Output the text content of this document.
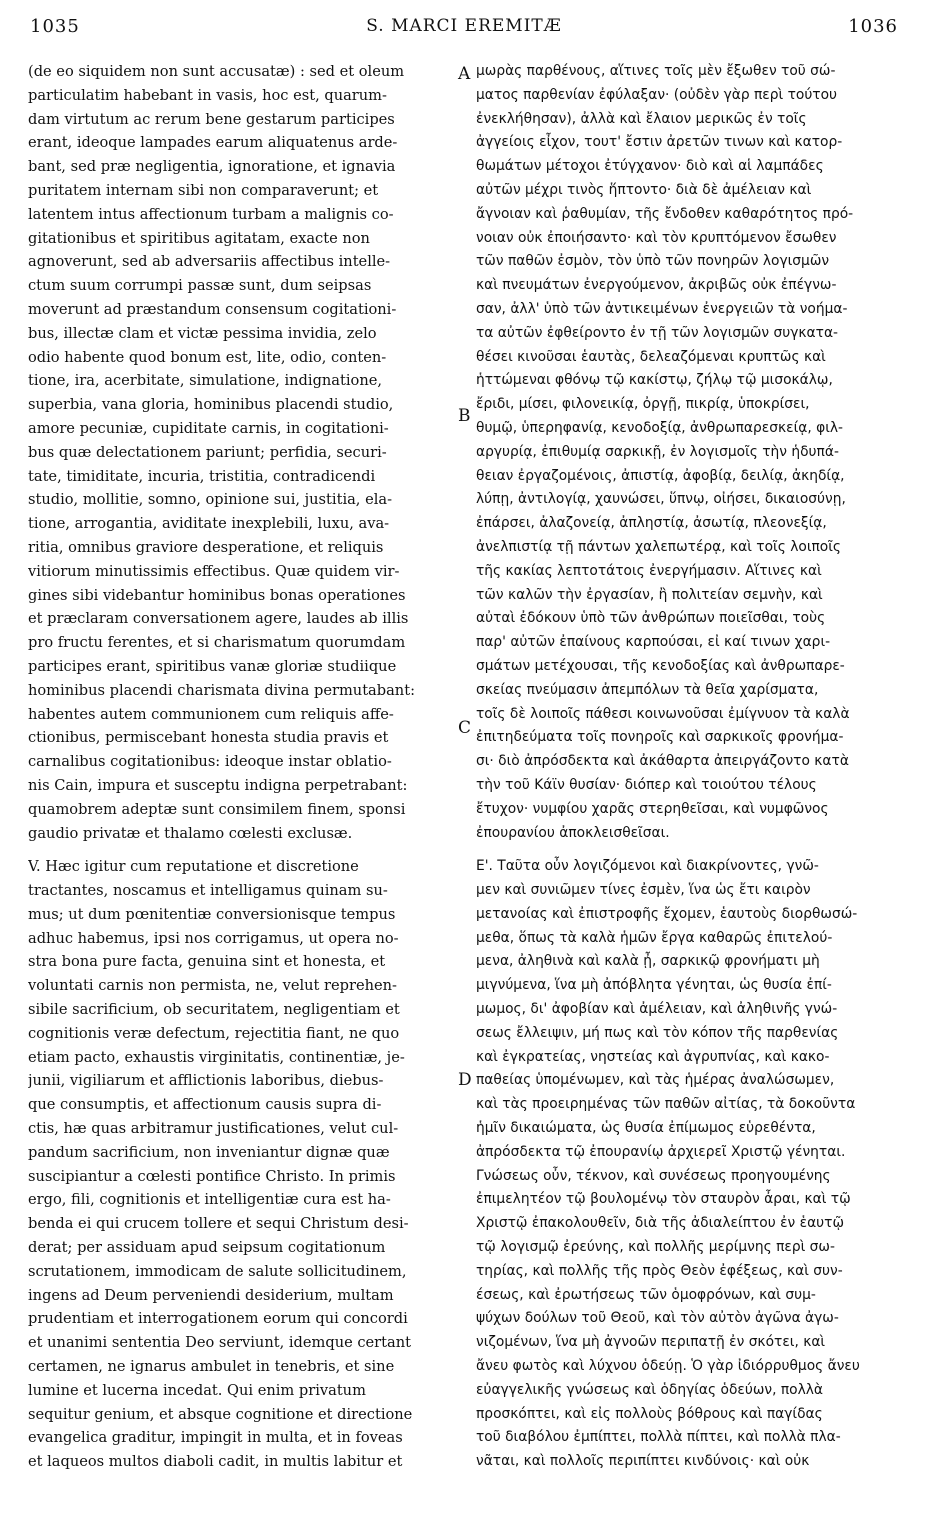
1035	S. MARCI EREMITÆ	1036
(de eo siquidem non sunt accusatæ) : sed et oleum
particulatim habebant in vasis, hoc est, quarum-
dam virtutum ac rerum bene gestarum participes
erant, ideoque lampades earum aliquatenus arde-
bant, sed præ negligentia, ignoratione, et ignavia
puritatem internam sibi non comparaverunt; et
latentem intus affectionum turbam a malignis co-
gitationibus et spiritibus agitatam, exacte non
agnoverunt, sed ab adversariis affectibus intelle-
ctum suum corrumpi passæ sunt, dum seipsas
moverunt ad præstandum consensum cogitationi-
bus, illectæ clam et victæ pessima invidia, zelo
odio habente quod bonum est, lite, odio, conten-
tione, ira, acerbitate, simulatione, indignatione,
superbia, vana gloria, hominibus placendi studio,
amore pecuniæ, cupiditate carnis, in cogitationi-
bus quæ delectationem pariunt; perfidia, securi-
tate, timiditate, incuria, tristitia, contradicendi
studio, mollitie, somno, opinione sui, justitia, ela-
tione, arrogantia, aviditate inexplebili, luxu, ava-
ritia, omnibus graviore desperatione, et reliquis
vitiorum minutissimis effectibus. Quæ quidem vir-
gines sibi videbantur hominibus bonas operationes
et præclaram conversationem agere, laudes ab illis
pro fructu ferentes, et si charismatum quorumdam
participes erant, spiritibus vanæ gloriæ studiique
hominibus placendi charismata divina permutabant:
habentes autem communionem cum reliquis affe-
ctionibus, permiscebant honesta studia pravis et
carnalibus cogitationibus: ideoque instar oblatio-
nis Cain, impura et susceptu indigna perpetrabant:
quamobrem adeptæ sunt consimilem finem, sponsi
gaudio privatæ et thalamo cœlesti exclusæ.
V. Hæc igitur cum reputatione et discretione
tractantes, noscamus et intelligamus quinam su-
mus; ut dum pœnitentiæ conversionisque tempus
adhuc habemus, ipsi nos corrigamus, ut opera no-
stra bona pure facta, genuina sint et honesta, et
voluntati carnis non permista, ne, velut reprehen-
sibile sacrificium, ob securitatem, negligentiam et
cognitionis veræ defectum, rejectitia fiant, ne quo
etiam pacto, exhaustis virginitatis, continentiæ, je-
junii, vigiliarum et afflictionis laboribus, diebus-
que consumptis, et affectionum causis supra di-
ctis, hæ quas arbitramur justificationes, velut cul-
pandum sacrificium, non inveniantur dignæ quæ
suscipiantur a cœlesti pontifice Christo. In primis
ergo, fili, cognitionis et intelligentiæ cura est ha-
benda ei qui crucem tollere et sequi Christum desi-
derat; per assiduam apud seipsum cogitationum
scrutationem, immodicam de salute sollicitudinem,
ingens ad Deum perveniendi desiderium, multam
prudentiam et interrogationem eorum qui concordi
et unanimi sententia Deo serviunt, idemque certant
certamen, ne ignarus ambulet in tenebris, et sine
lumine et lucerna incedat. Qui enim privatum
sequitur genium, et absque cognitione et directione
evangelica graditur, impingit in multa, et in foveas
et laqueos multos diaboli cadit, in multis labitur et
μωρὰς παρθένους, αἵτινες τοῖς μὲν ἔξωθεν τοῦ σώ-
ματος παρθενίαν ἐφύλαξαν· (οὐδὲν γὰρ περὶ τούτου
ἐνεκλήθησαν), ἀλλὰ καὶ ἔλαιον μερικῶς ἐν τοῖς
ἀγγείοις εἶχον, τουτ' ἔστιν ἀρετῶν τινων καὶ κατορ-
θωμάτων μέτοχοι ἐτύγχανον· διὸ καὶ αἱ λαμπάδες
αὐτῶν μέχρι τινὸς ἥπτοντο· διὰ δὲ ἀμέλειαν καὶ
ἄγνοιαν καὶ ῥαθυμίαν, τῆς ἔνδοθεν καθαρότητος πρό-
νοιαν οὐκ ἐποιήσαντο· καὶ τὸν κρυπτόμενον ἔσωθεν
τῶν παθῶν ἐσμὸν, τὸν ὑπὸ τῶν πονηρῶν λογισμῶν
καὶ πνευμάτων ἐνεργούμενον, ἀκριβῶς οὐκ ἐπέγνω-
σαν, ἀλλ' ὑπὸ τῶν ἀντικειμένων ἐνεργειῶν τὰ νοήμα-
τα αὐτῶν ἐφθείροντο ἐν τῇ τῶν λογισμῶν συγκατα-
θέσει κινοῦσαι ἑαυτὰς, δελεαζόμεναι κρυπτῶς καὶ
ἡττώμεναι φθόνῳ τῷ κακίστῳ, ζήλῳ τῷ μισοκάλῳ,
ἔριδι, μίσει, φιλονεικίᾳ, ὀργῇ, πικρίᾳ, ὑποκρίσει,
θυμῷ, ὑπερηφανίᾳ, κενοδοξίᾳ, ἀνθρωπαρεσκείᾳ, φιλ-
αργυρίᾳ, ἐπιθυμίᾳ σαρκικῇ, ἐν λογισμοῖς τὴν ἡδυπά-
θειαν ἐργαζομένοις, ἀπιστίᾳ, ἀφοβίᾳ, δειλίᾳ, ἀκηδίᾳ,
λύπῃ, ἀντιλογίᾳ, χαυνώσει, ὕπνῳ, οἰήσει, δικαιοσύνῃ,
ἐπάρσει, ἀλαζονείᾳ, ἀπληστίᾳ, ἀσωτίᾳ, πλεονεξίᾳ,
ἀνελπιστίᾳ τῇ πάντων χαλεπωτέρᾳ, καὶ τοῖς λοιποῖς
τῆς κακίας λεπτοτάτοις ἐνεργήμασιν. Αἵτινες καὶ
τῶν καλῶν τὴν ἐργασίαν, ἢ πολιτείαν σεμνὴν, καὶ
αὐταὶ ἐδόκουν ὑπὸ τῶν ἀνθρώπων ποιεῖσθαι, τοὺς
παρ' αὐτῶν ἐπαίνους καρπούσαι, εἰ καί τινων χαρι-
σμάτων μετέχουσαι, τῆς κενοδοξίας καὶ ἀνθρωπαρε-
σκείας πνεύμασιν ἀπεμπόλων τὰ θεῖα χαρίσματα,
τοῖς δὲ λοιποῖς πάθεσι κοινωνοῦσαι ἐμίγνυον τὰ καλὰ
ἐπιτηδεύματα τοῖς πονηροῖς καὶ σαρκικοῖς φρονήμα-
σι· διὸ ἀπρόσδεκτα καὶ ἀκάθαρτα ἀπειργάζοντο κατὰ
τὴν τοῦ Κάϊν θυσίαν· διόπερ καὶ τοιούτου τέλους
ἔτυχον· νυμφίου χαρᾶς στερηθεῖσαι, καὶ νυμφῶνος
ἐπουρανίου ἀποκλεισθεῖσαι.
Ε'. Ταῦτα οὖν λογιζόμενοι καὶ διακρίνοντες, γνῶ-
μεν καὶ συνιῶμεν τίνες ἐσμὲν, ἵνα ὡς ἔτι καιρὸν
μετανοίας καὶ ἐπιστροφῆς ἔχομεν, ἑαυτοὺς διορθωσώ-
μεθα, ὅπως τὰ καλὰ ἡμῶν ἔργα καθαρῶς ἐπιτελού-
μενα, ἀληθινὰ καὶ καλὰ ᾖ, σαρκικῷ φρονήματι μὴ
μιγνύμενα, ἵνα μὴ ἀπόβλητα γένηται, ὡς θυσία ἐπί-
μωμος, δι' ἀφοβίαν καὶ ἀμέλειαν, καὶ ἀληθινῆς γνώ-
σεως ἔλλειψιν, μή πως καὶ τὸν κόπον τῆς παρθενίας
καὶ ἐγκρατείας, νηστείας καὶ ἀγρυπνίας, καὶ κακο-
παθείας ὑπομένωμεν, καὶ τὰς ἡμέρας ἀναλώσωμεν,
καὶ τὰς προειρημένας τῶν παθῶν αἰτίας, τὰ δοκοῦντα
ἡμῖν δικαιώματα, ὡς θυσία ἐπίμωμος εὑρεθέντα,
ἀπρόσδεκτα τῷ ἐπουρανίῳ ἀρχιερεῖ Χριστῷ γένηται.
Γνώσεως οὖν, τέκνον, καὶ συνέσεως προηγουμένης
ἐπιμελητέον τῷ βουλομένῳ τὸν σταυρὸν ἆραι, καὶ τῷ
Χριστῷ ἐπακολουθεῖν, διὰ τῆς ἀδιαλείπτου ἐν ἑαυτῷ
τῷ λογισμῷ ἐρεύνης, καὶ πολλῆς μερίμνης περὶ σω-
τηρίας, καὶ πολλῆς τῆς πρὸς Θεὸν ἐφέξεως, καὶ συν-
έσεως, καὶ ἐρωτήσεως τῶν ὁμοφρόνων, καὶ συμ-
ψύχων δούλων τοῦ Θεοῦ, καὶ τὸν αὐτὸν ἀγῶνα ἀγω-
νιζομένων, ἵνα μὴ ἀγνοῶν περιπατῇ ἐν σκότει, καὶ
ἄνευ φωτὸς καὶ λύχνου ὁδεύῃ. Ὁ γὰρ ἰδιόρρυθμος ἄνευ
εὐαγγελικῆς γνώσεως καὶ ὁδηγίας ὁδεύων, πολλὰ
προσκόπτει, καὶ εἰς πολλοὺς βόθρους καὶ παγίδας
τοῦ διαβόλου ἐμπίπτει, πολλὰ πίπτει, καὶ πολλὰ πλα-
νᾶται, καὶ πολλοῖς περιπίπτει κινδύνοις· καὶ οὐκ
A
B
C
D
